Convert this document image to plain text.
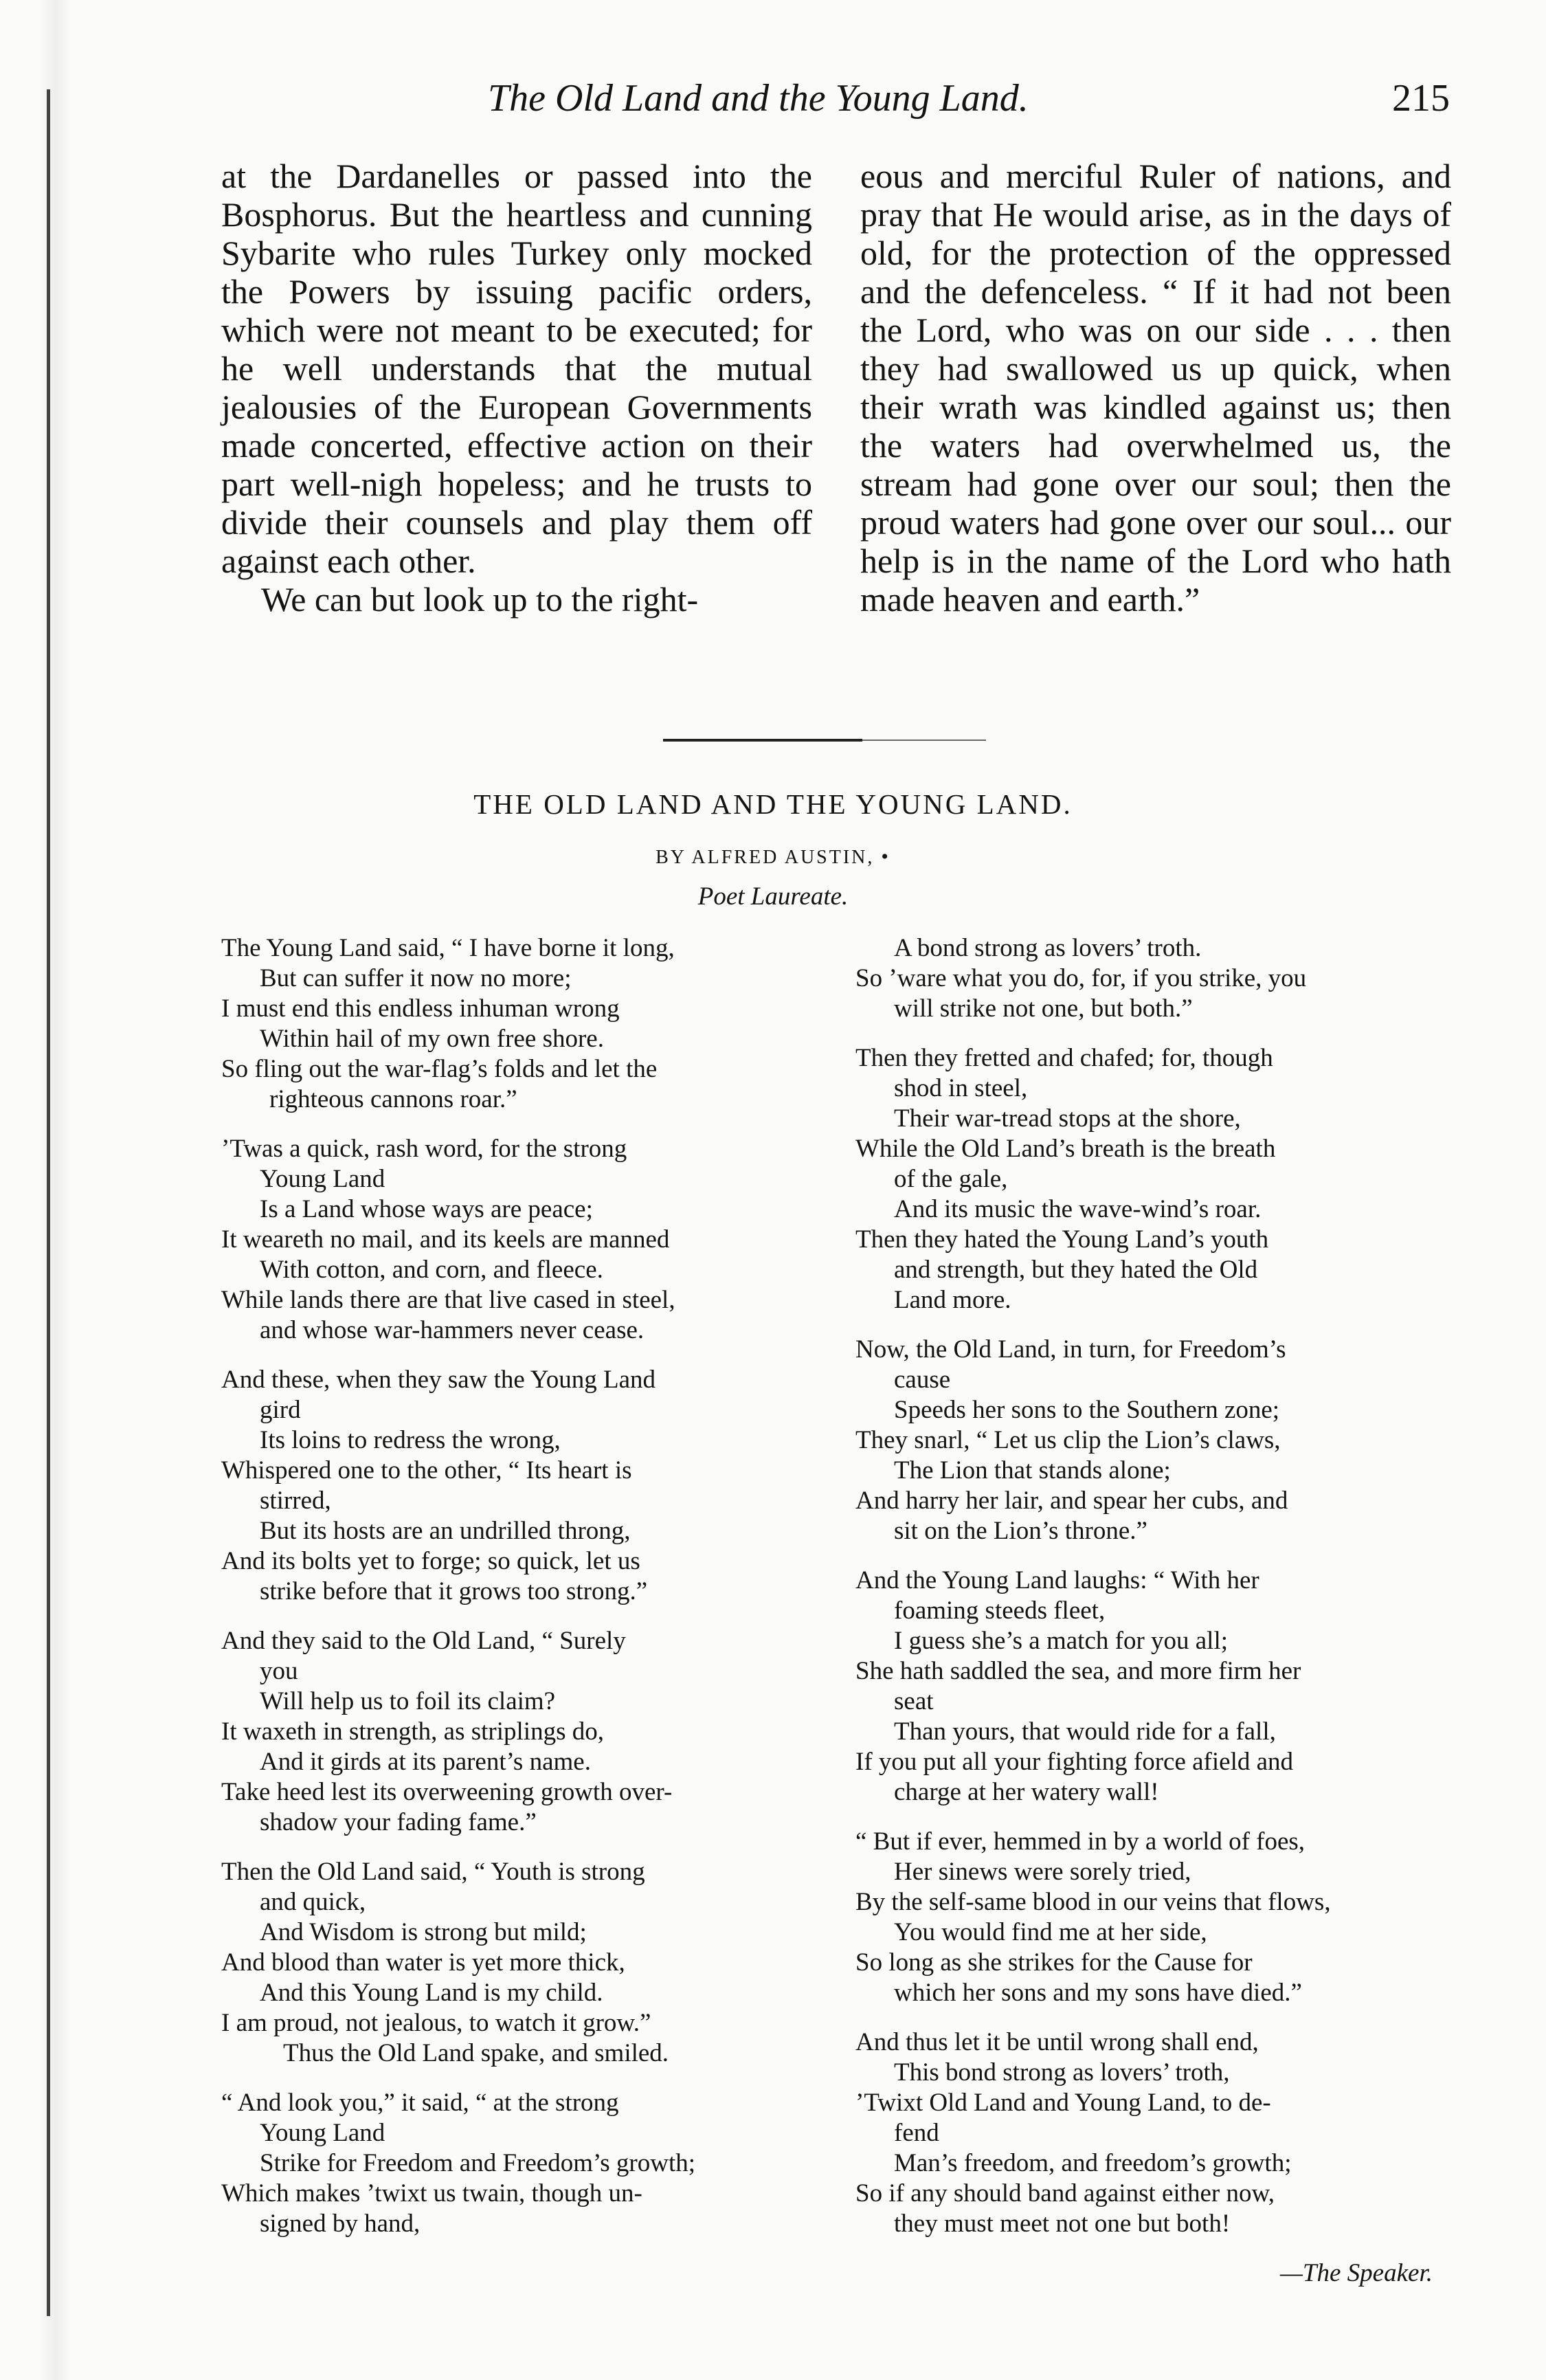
The Old Land and the Young Land.	215

at the Dardanelles or passed into the Bosphorus. But the heartless and cunning Sybarite who rules Turkey only mocked the Powers by issuing pacific orders, which were not meant to be executed; for he well understands that the mutual jealousies of the European Governments made concerted, effective action on their part well-nigh hopeless; and he trusts to divide their counsels and play them off against each other.

We can but look up to the right-

eous and merciful Ruler of nations, and pray that He would arise, as in the days of old, for the protection of the oppressed and the defenceless. “ If it had not been the Lord, who was on our side . . . then they had swallowed us up quick, when their wrath was kindled against us; then the waters had overwhelmed us, the stream had gone over our soul; then the proud waters had gone over our soul... our help is in the name of the Lord who hath made heaven and earth.”

THE OLD LAND AND THE YOUNG LAND.
BY ALFRED AUSTIN, •
Poet Laureate.
The Young Land said, “ I have borne it long,
But can suffer it now no more;
I must end this endless inhuman wrong
Within hail of my own free shore.
So fling out the war-flag’s folds and let the
righteous cannons roar.”
’Twas a quick, rash word, for the strong
Young Land
Is a Land whose ways are peace;
It weareth no mail, and its keels are manned
With cotton, and corn, and fleece.
While lands there are that live cased in steel,
and whose war-hammers never cease.
And these, when they saw the Young Land
gird
Its loins to redress the wrong,
Whispered one to the other, “ Its heart is
stirred,
But its hosts are an undrilled throng,
And its bolts yet to forge; so quick, let us
strike before that it grows too strong.”
And they said to the Old Land, “ Surely
you
Will help us to foil its claim?
It waxeth in strength, as striplings do,
And it girds at its parent’s name.
Take heed lest its overweening growth over-
shadow your fading fame.”
Then the Old Land said, “ Youth is strong
and quick,
And Wisdom is strong but mild;
And blood than water is yet more thick,
And this Young Land is my child.
I am proud, not jealous, to watch it grow.”
Thus the Old Land spake, and smiled.
“ And look you,” it said, “ at the strong
Young Land
Strike for Freedom and Freedom’s growth;
Which makes ’twixt us twain, though un-
signed by hand,
A bond strong as lovers’ troth.
So ’ware what you do, for, if you strike, you
will strike not one, but both.”
Then they fretted and chafed; for, though
shod in steel,
Their war-tread stops at the shore,
While the Old Land’s breath is the breath
of the gale,
And its music the wave-wind’s roar.
Then they hated the Young Land’s youth
and strength, but they hated the Old
Land more.
Now, the Old Land, in turn, for Freedom’s
cause
Speeds her sons to the Southern zone;
They snarl, “ Let us clip the Lion’s claws,
The Lion that stands alone;
And harry her lair, and spear her cubs, and
sit on the Lion’s throne.”
And the Young Land laughs: “ With her
foaming steeds fleet,
I guess she’s a match for you all;
She hath saddled the sea, and more firm her
seat
Than yours, that would ride for a fall,
If you put all your fighting force afield and
charge at her watery wall!
“ But if ever, hemmed in by a world of foes,
Her sinews were sorely tried,
By the self-same blood in our veins that flows,
You would find me at her side,
So long as she strikes for the Cause for
which her sons and my sons have died.”
And thus let it be until wrong shall end,
This bond strong as lovers’ troth,
’Twixt Old Land and Young Land, to de-
fend
Man’s freedom, and freedom’s growth;
So if any should band against either now,
they must meet not one but both!
—The Speaker.
